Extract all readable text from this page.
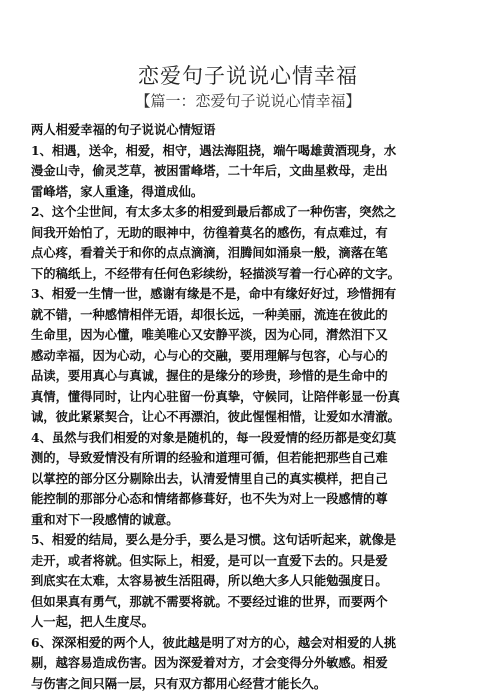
恋爱句子说说心情幸福
【篇一：恋爱句子说说心情幸福】
两人相爱幸福的句子说说心情短语
1、相遇，送伞，相爱，相守，遇法海阻挠，端午喝雄黄酒现身，水
漫金山寺，偷灵芝草，被困雷峰塔，二十年后，文曲星救母，走出
雷峰塔，家人重逢，得道成仙。
2、这个尘世间，有太多太多的相爱到最后都成了一种伤害，突然之
间我开始怕了，无助的眼神中，彷徨着莫名的感伤，有点难过，有
点心疼，看着关于和你的点点滴滴，泪腾间如涌泉一般，滴落在笔
下的稿纸上，不经带有任何色彩续纷，轻描淡写着一行心碎的文字。
3、相爱一生情一世，感谢有缘是不是，命中有缘好好过，珍惜拥有
就不错，一种感情相伴无语，却很长远，一种美丽，流连在彼此的
生命里，因为心懂，唯美唯心又安静平淡，因为心同，潸然泪下又
感动幸福，因为心动，心与心的交融，要用理解与包容，心与心的
品读，要用真心与真诚，握住的是缘分的珍贵，珍惜的是生命中的
真情，懂得同时，让内心驻留一份真挚，守候同，让陪伴彰显一份真
诚，彼此紧紧契合，让心不再漂泊，彼此惺惺相惜，让爱如水清澈。
4、虽然与我们相爱的对象是随机的，每一段爱情的经历都是变幻莫
测的，导致爱情没有所谓的经验和道理可循，但若能把那些自己难
以掌控的部分区分剔除出去，认清爱情里自己的真实模样，把自己
能控制的那部分心态和情绪都修葺好，也不失为对上一段感情的尊
重和对下一段感情的诚意。
5、相爱的结局，要么是分手，要么是习惯。这句话听起来，就像是
走开，或者将就。但实际上，相爱，是可以一直爱下去的。只是爱
到底实在太难，太容易被生活阻碍，所以绝大多人只能勉强度日。
但如果真有勇气，那就不需要将就。不要经过谁的世界，而要两个
人一起，把人生度尽。
6、深深相爱的两个人，彼此越是明了对方的心，越会对相爱的人挑
剔，越容易造成伤害。因为深爱着对方，才会变得分外敏感。相爱
与伤害之间只隔一层，只有双方都用心经营才能长久。
